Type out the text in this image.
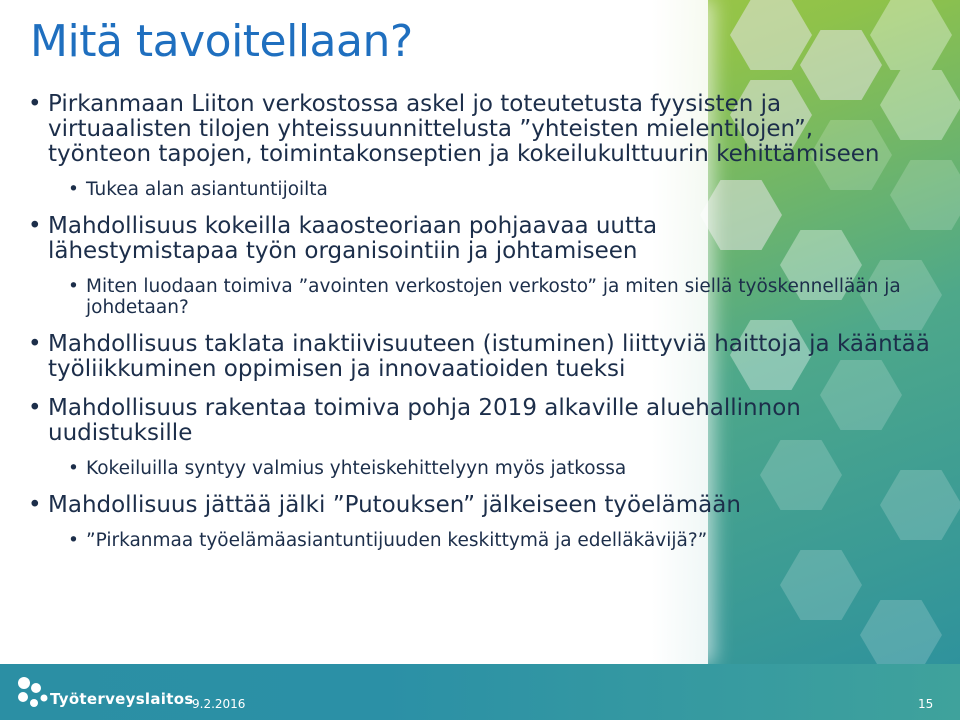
Mitä tavoitellaan?
• Pirkanmaan Liiton verkostossa askel jo toteutetusta fyysisten ja virtuaalisten tilojen yhteissuunnittelusta ”yhteisten mielentilojen”, työnteon tapojen, toimintakonseptien ja kokeilukulttuurin kehittämiseen
• Tukea alan asiantuntijoilta
• Mahdollisuus kokeilla kaaosteoriaan pohjaavaa uutta lähestymistapaa työn organisointiin ja johtamiseen
• Miten luodaan toimiva ”avointen verkostojen verkosto” ja miten siellä työskennellään ja johdetaan?
• Mahdollisuus taklata inaktiivisuuteen (istuminen) liittyviä haittoja ja kääntää työliikkuminen oppimisen ja innovaatioiden tueksi
• Mahdollisuus rakentaa toimiva pohja 2019 alkaville aluehallinnon uudistuksille
• Kokeiluilla syntyy valmius yhteiskehittelyyn myös jatkossa
• Mahdollisuus jättää jälki ”Putouksen” jälkeiseen työelämään
• ”Pirkanmaa työelämäasiantuntijuuden keskittymä ja edelläkävijä?”
Työterveyslaitos
9.2.2016	15
